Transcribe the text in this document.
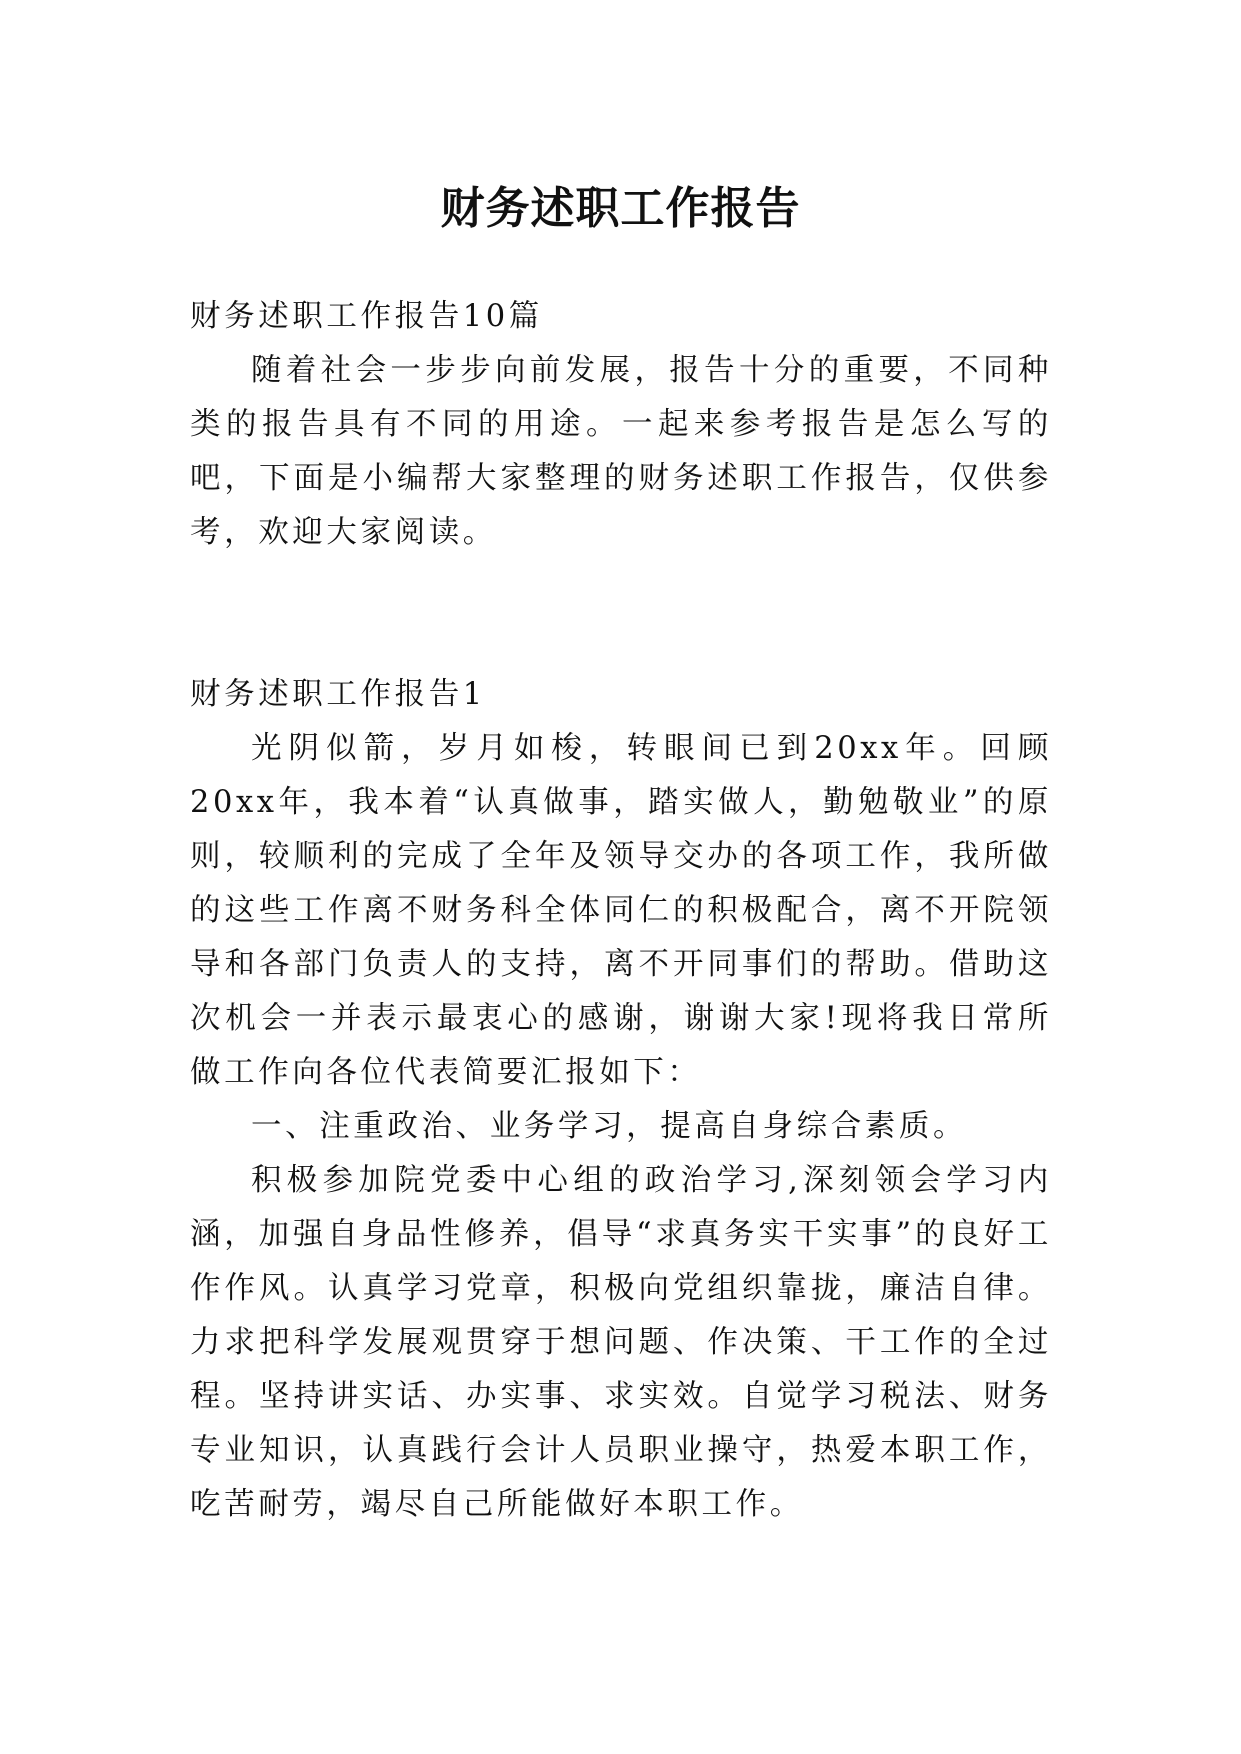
财务述职工作报告

财务述职工作报告10篇

随着社会一步步向前发展，报告十分的重要，不同种类的报告具有不同的用途。一起来参考报告是怎么写的吧，下面是小编帮大家整理的财务述职工作报告，仅供参考，欢迎大家阅读。

财务述职工作报告1

光阴似箭，岁月如梭，转眼间已到20xx年。回顾20xx年，我本着“认真做事，踏实做人，勤勉敬业”的原则，较顺利的完成了全年及领导交办的各项工作，我所做的这些工作离不财务科全体同仁的积极配合，离不开院领导和各部门负责人的支持，离不开同事们的帮助。借助这次机会一并表示最衷心的感谢，谢谢大家!现将我日常所做工作向各位代表简要汇报如下：

一、注重政治、业务学习，提高自身综合素质。

积极参加院党委中心组的政治学习,深刻领会学习内涵，加强自身品性修养，倡导“求真务实干实事”的良好工作作风。认真学习党章，积极向党组织靠拢，廉洁自律。力求把科学发展观贯穿于想问题、作决策、干工作的全过程。坚持讲实话、办实事、求实效。自觉学习税法、财务专业知识，认真践行会计人员职业操守，热爱本职工作，吃苦耐劳，竭尽自己所能做好本职工作。
